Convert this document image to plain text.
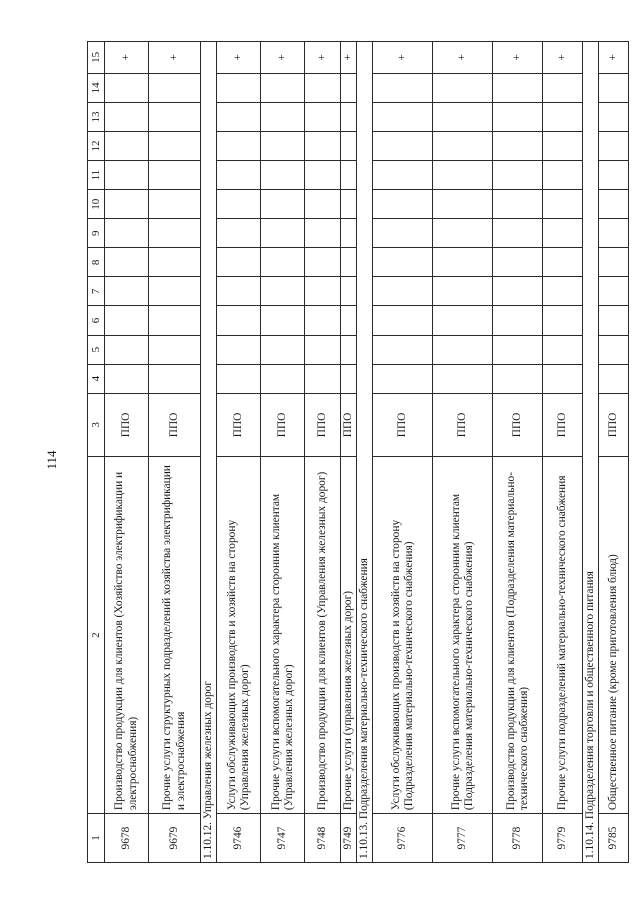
114
1	2	3	4	5	6	7	8	9	10	11	12	13	14	15
9678	Производство продукции для клиентов (Хозяйство электрификации и электроснабжения)	ППО												+
9679	Прочие услуги структурных подразделений хозяйства электрификации и электроснабжения	ППО												+
1.10.12. Управления железных дорог														
9746	Услуги обслуживающих производств и хозяйств на сторону (Управления железных дорог)	ППО												+
9747	Прочие услуги вспомогательного характера сторонним клиентам (Управления железных дорог)	ППО												+
9748	Производство продукции для клиентов (Управления железных дорог)	ППО												+
9749	Прочие услуги (управления железных дорог)	ППО												+
1.10.13. Подразделения материально-технического снабжения														
9776	Услуги обслуживающих производств и хозяйств на сторону (Подразделения материально-технического снабжения)	ППО												+
9777	Прочие услуги вспомогательного характера сторонним клиентам (Подразделения материально-технического снабжения)	ППО												+
9778	Производство продукции для клиентов (Подразделения материально-технического снабжения)	ППО												+
9779	Прочие услуги подразделений материально-технического снабжения	ППО												+
1.10.14. Подразделения торговли и общественного питания														
9785	Общественное питание (кроме приготовления блюд)	ППО												+
